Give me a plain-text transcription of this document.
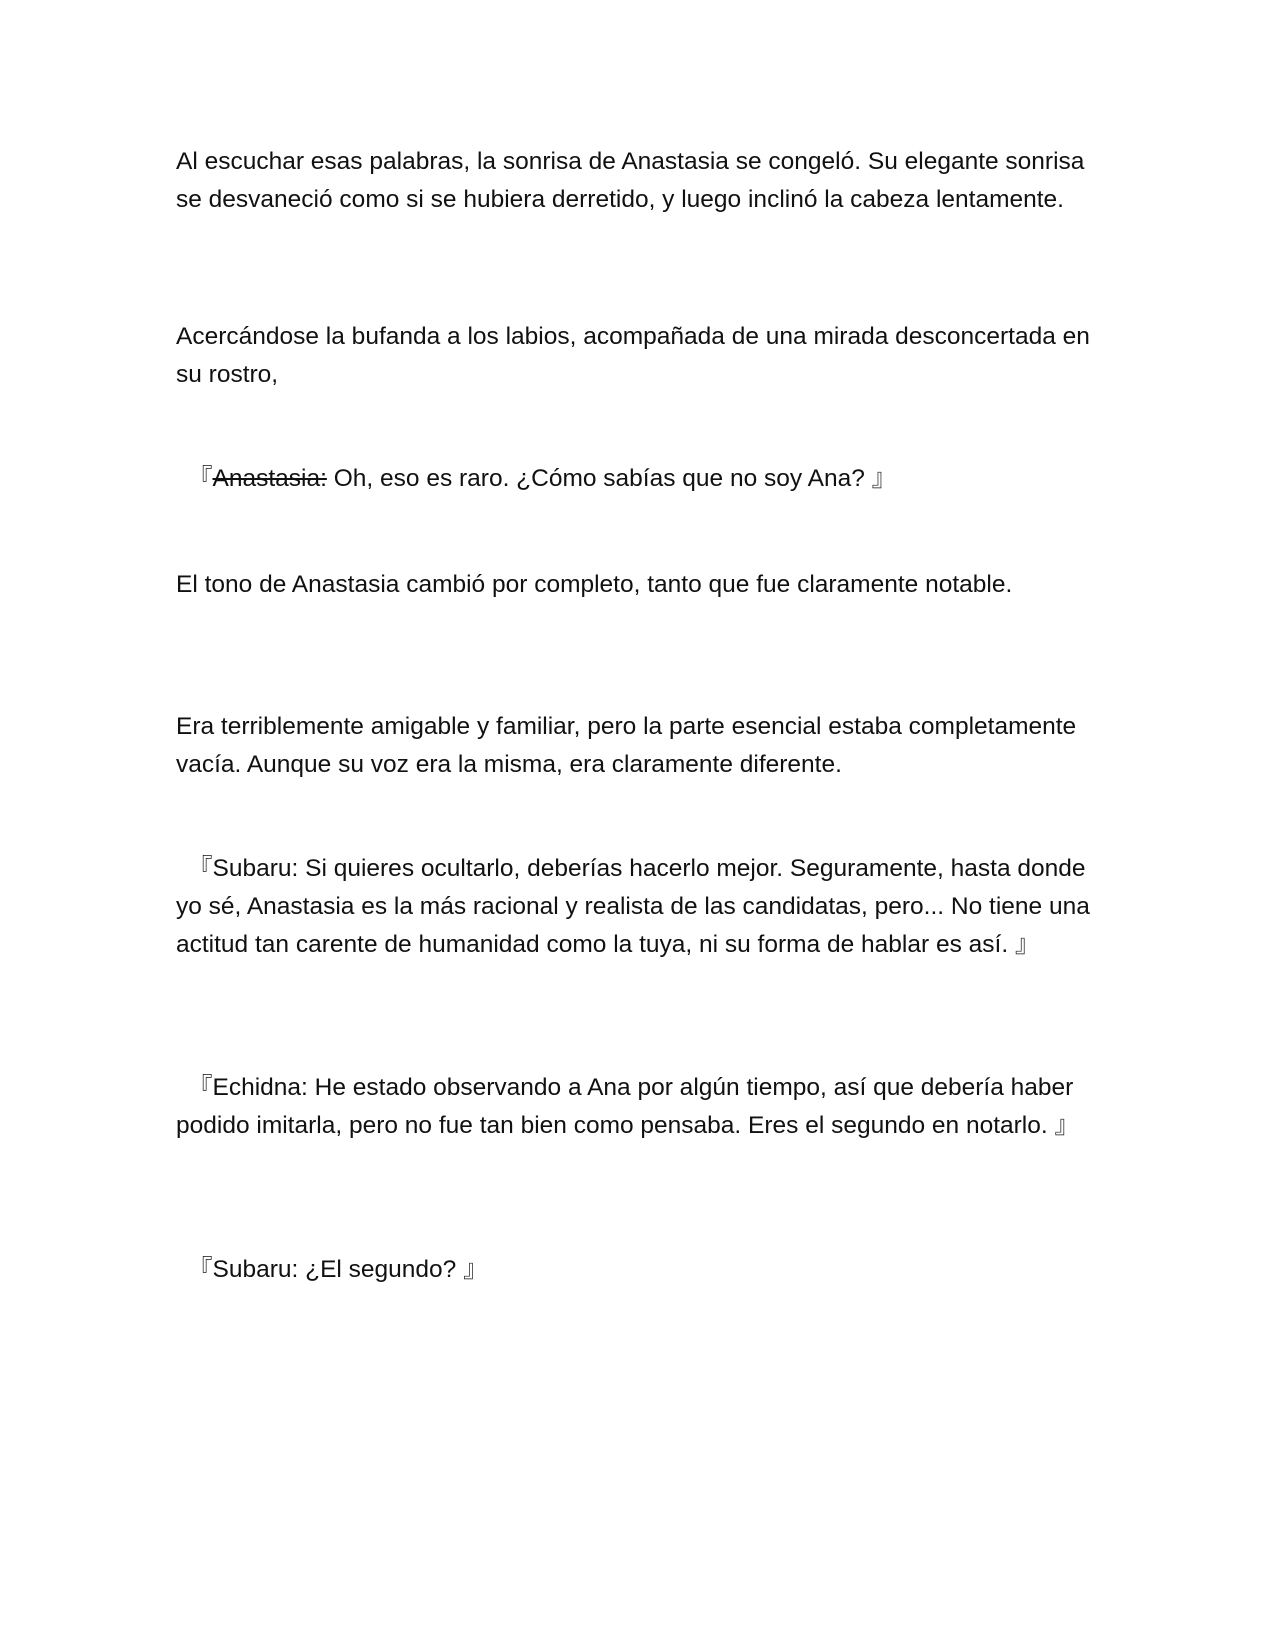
Al escuchar esas palabras, la sonrisa de Anastasia se congeló. Su elegante sonrisa se desvaneció como si se hubiera derretido, y luego inclinó la cabeza lentamente.

Acercándose la bufanda a los labios, acompañada de una mirada desconcertada en su rostro,

『Anastasia: Oh, eso es raro. ¿Cómo sabías que no soy Ana? 』

El tono de Anastasia cambió por completo, tanto que fue claramente notable.

Era terriblemente amigable y familiar, pero la parte esencial estaba completamente vacía. Aunque su voz era la misma, era claramente diferente.

『Subaru: Si quieres ocultarlo, deberías hacerlo mejor. Seguramente, hasta donde yo sé, Anastasia es la más racional y realista de las candidatas, pero... No tiene una actitud tan carente de humanidad como la tuya, ni su forma de hablar es así. 』

『Echidna: He estado observando a Ana por algún tiempo, así que debería haber podido imitarla, pero no fue tan bien como pensaba. Eres el segundo en notarlo. 』

『Subaru: ¿El segundo? 』
